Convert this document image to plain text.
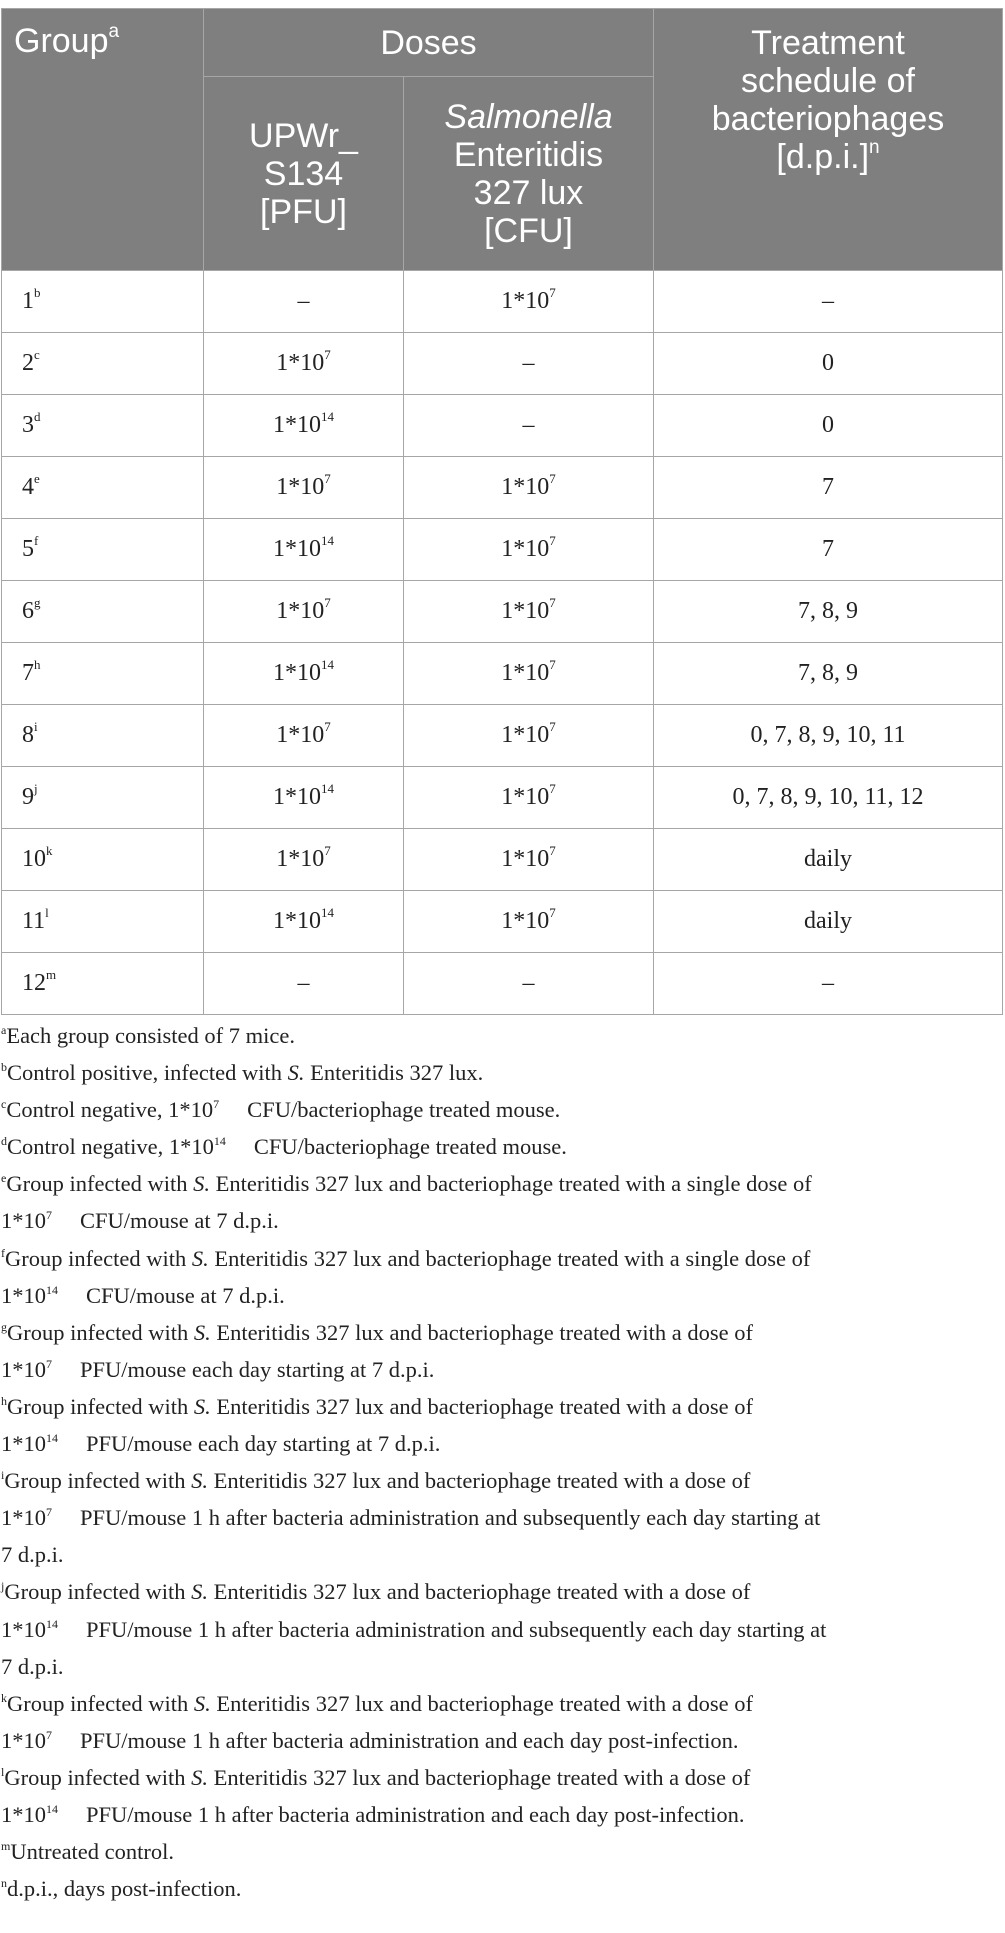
Group$^a$	Doses		Treatment
schedule of
bacteriophages
$[d.p.i.]^n$
	UPWr_
S134
[PFU]	Salmonella
Enteritidis
327 lux
[CFU]	
1$^b$	–	$1*10^7$	–
2$^c$	$1*10^7$	–	0
3$^d$	$1*10^{14}$	–	0
4e	$1*10^7$	$1*10^7$	7
5$^f$	$1*10^{14}$	$1*10^7$	7
6$^g$	$1*10^7$	$1*10^7$	7, 8, 9
7$^h$	$1*10^{14}$	$1*10^7$	7, 8, 9
8$^i$	$1*10^7$	$1*10^7$	0, 7, 8, 9, 10, 11
9$^j$	$1*10^{14}$	$1*10^7$	0, 7, 8, 9, 10, 11, 12
10$^k$	$1*10^7$	$1*10^7$	daily
11$^l$	$1*10^{14}$	$1*10^7$	daily
12$^m$	–	–	–

$^a$Each group consisted of 7 mice.

$^b$Control positive, infected with S. Enteritidis 327 lux.

$^c$Control negative, $1*10^7$ CFU/bacteriophage treated mouse.

$^d$Control negative, $1*10^{14}$ CFU/bacteriophage treated mouse.

$^e$Group infected with S. Enteritidis 327 lux and bacteriophage treated with a single dose of
$1*10^7$ CFU/mouse at 7 d.p.i.

$^f$Group infected with S. Enteritidis 327 lux and bacteriophage treated with a single dose of
$1*10^{14}$ CFU/mouse at 7 d.p.i.

$^g$Group infected with S. Enteritidis 327 lux and bacteriophage treated with a dose of
$1*10^7$ PFU/mouse each day starting at 7 d.p.i.

$^h$Group infected with S. Enteritidis 327 lux and bacteriophage treated with a dose of
$1*10^{14}$ PFU/mouse each day starting at 7 d.p.i.

$^i$Group infected with S. Enteritidis 327 lux and bacteriophage treated with a dose of
$1*10^7$ PFU/mouse 1 h after bacteria administration and subsequently each day starting at
7 d.p.i.

$^j$Group infected with S. Enteritidis 327 lux and bacteriophage treated with a dose of
$1*10^{14}$ PFU/mouse 1 h after bacteria administration and subsequently each day starting at
7 d.p.i.

$^k$Group infected with S. Enteritidis 327 lux and bacteriophage treated with a dose of
$1*10^7$ PFU/mouse 1 h after bacteria administration and each day post-infection.

$^l$Group infected with S. Enteritidis 327 lux and bacteriophage treated with a dose of
$1*10^{14}$ PFU/mouse 1 h after bacteria administration and each day post-infection.

$^m$Untreated control.

$^n$d.p.i., days post-infection.
